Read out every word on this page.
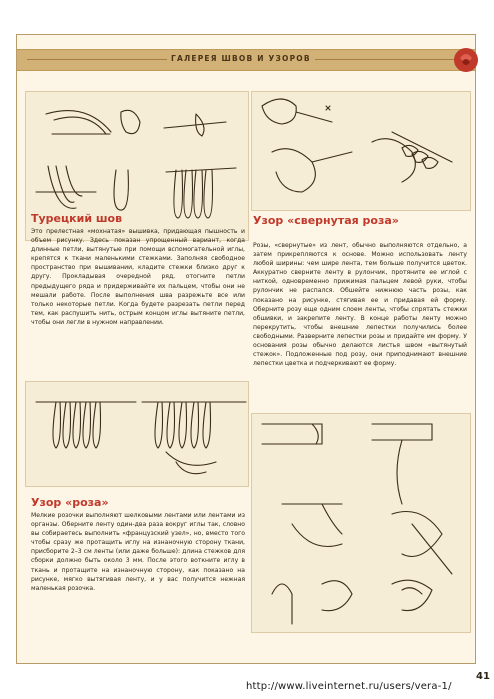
ГАЛЕРЕЯ ШВОВ И УЗОРОВ
Турецкий шов
Это прелестная «мохнатая» вышивка, придающая пышность и объем рисунку. Здесь показан упрощенный вариант, когда длинные петли, вытянутые при помощи вспомогательной иглы, крепятся к ткани маленькими стежками. Заполняя свободное пространство при вышивании, кладите стежки близко друг к другу. Прокладывая очередной ряд, отогните петли предыдущего ряда и придерживайте их пальцем, чтобы они не мешали работе. После выполнения шва разрежьте все или только некоторые петли. Когда будете разрезать петли перед тем, как распушить нить, острым концом иглы вытяните петли, чтобы они легли в нужном направлении.
Узор «свернутая роза»
Розы, «свернутые» из лент, обычно выполняются отдельно, а затем прикрепляются к основе. Можно использовать ленту любой ширины: чем шире лента, тем больше получится цветок. Аккуратно сверните ленту в рулончик, протяните ее иглой с ниткой, одновременно прижимая пальцем левой руки, чтобы рулончик не распался. Обшейте нижнюю часть розы, как показано на рисунке, стягивая ее и придавая ей форму. Оберните розу еще одним слоем ленты, чтобы спрятать стежки обшивки, и закрепите ленту. В конце работы ленту можно перекрутить, чтобы внешние лепестки получились более свободными. Разверните лепестки розы и придайте им форму. У основания розы обычно делаются листья швом «вытянутый стежок». Подложенные под розу, они приподнимают внешние лепестки цветка и подчеркивают ее форму.
Узор «роза»
Мелкие розочки выполняют шелковыми лентами или лентами из органзы. Оберните ленту один-два раза вокруг иглы так, словно вы собираетесь выполнить «французский узел», но, вместо того чтобы сразу же протащить иглу на изнаночную сторону ткани, присборите 2–3 см ленты (или даже больше): длина стежков для сборки должно быть около 3 мм. После этого воткните иглу в ткань и протащите на изнаночную сторону, как показано на рисунке, мягко вытягивая ленту, и у вас получится нежная маленькая розочка.
41
http://www.liveinternet.ru/users/vera-1/
